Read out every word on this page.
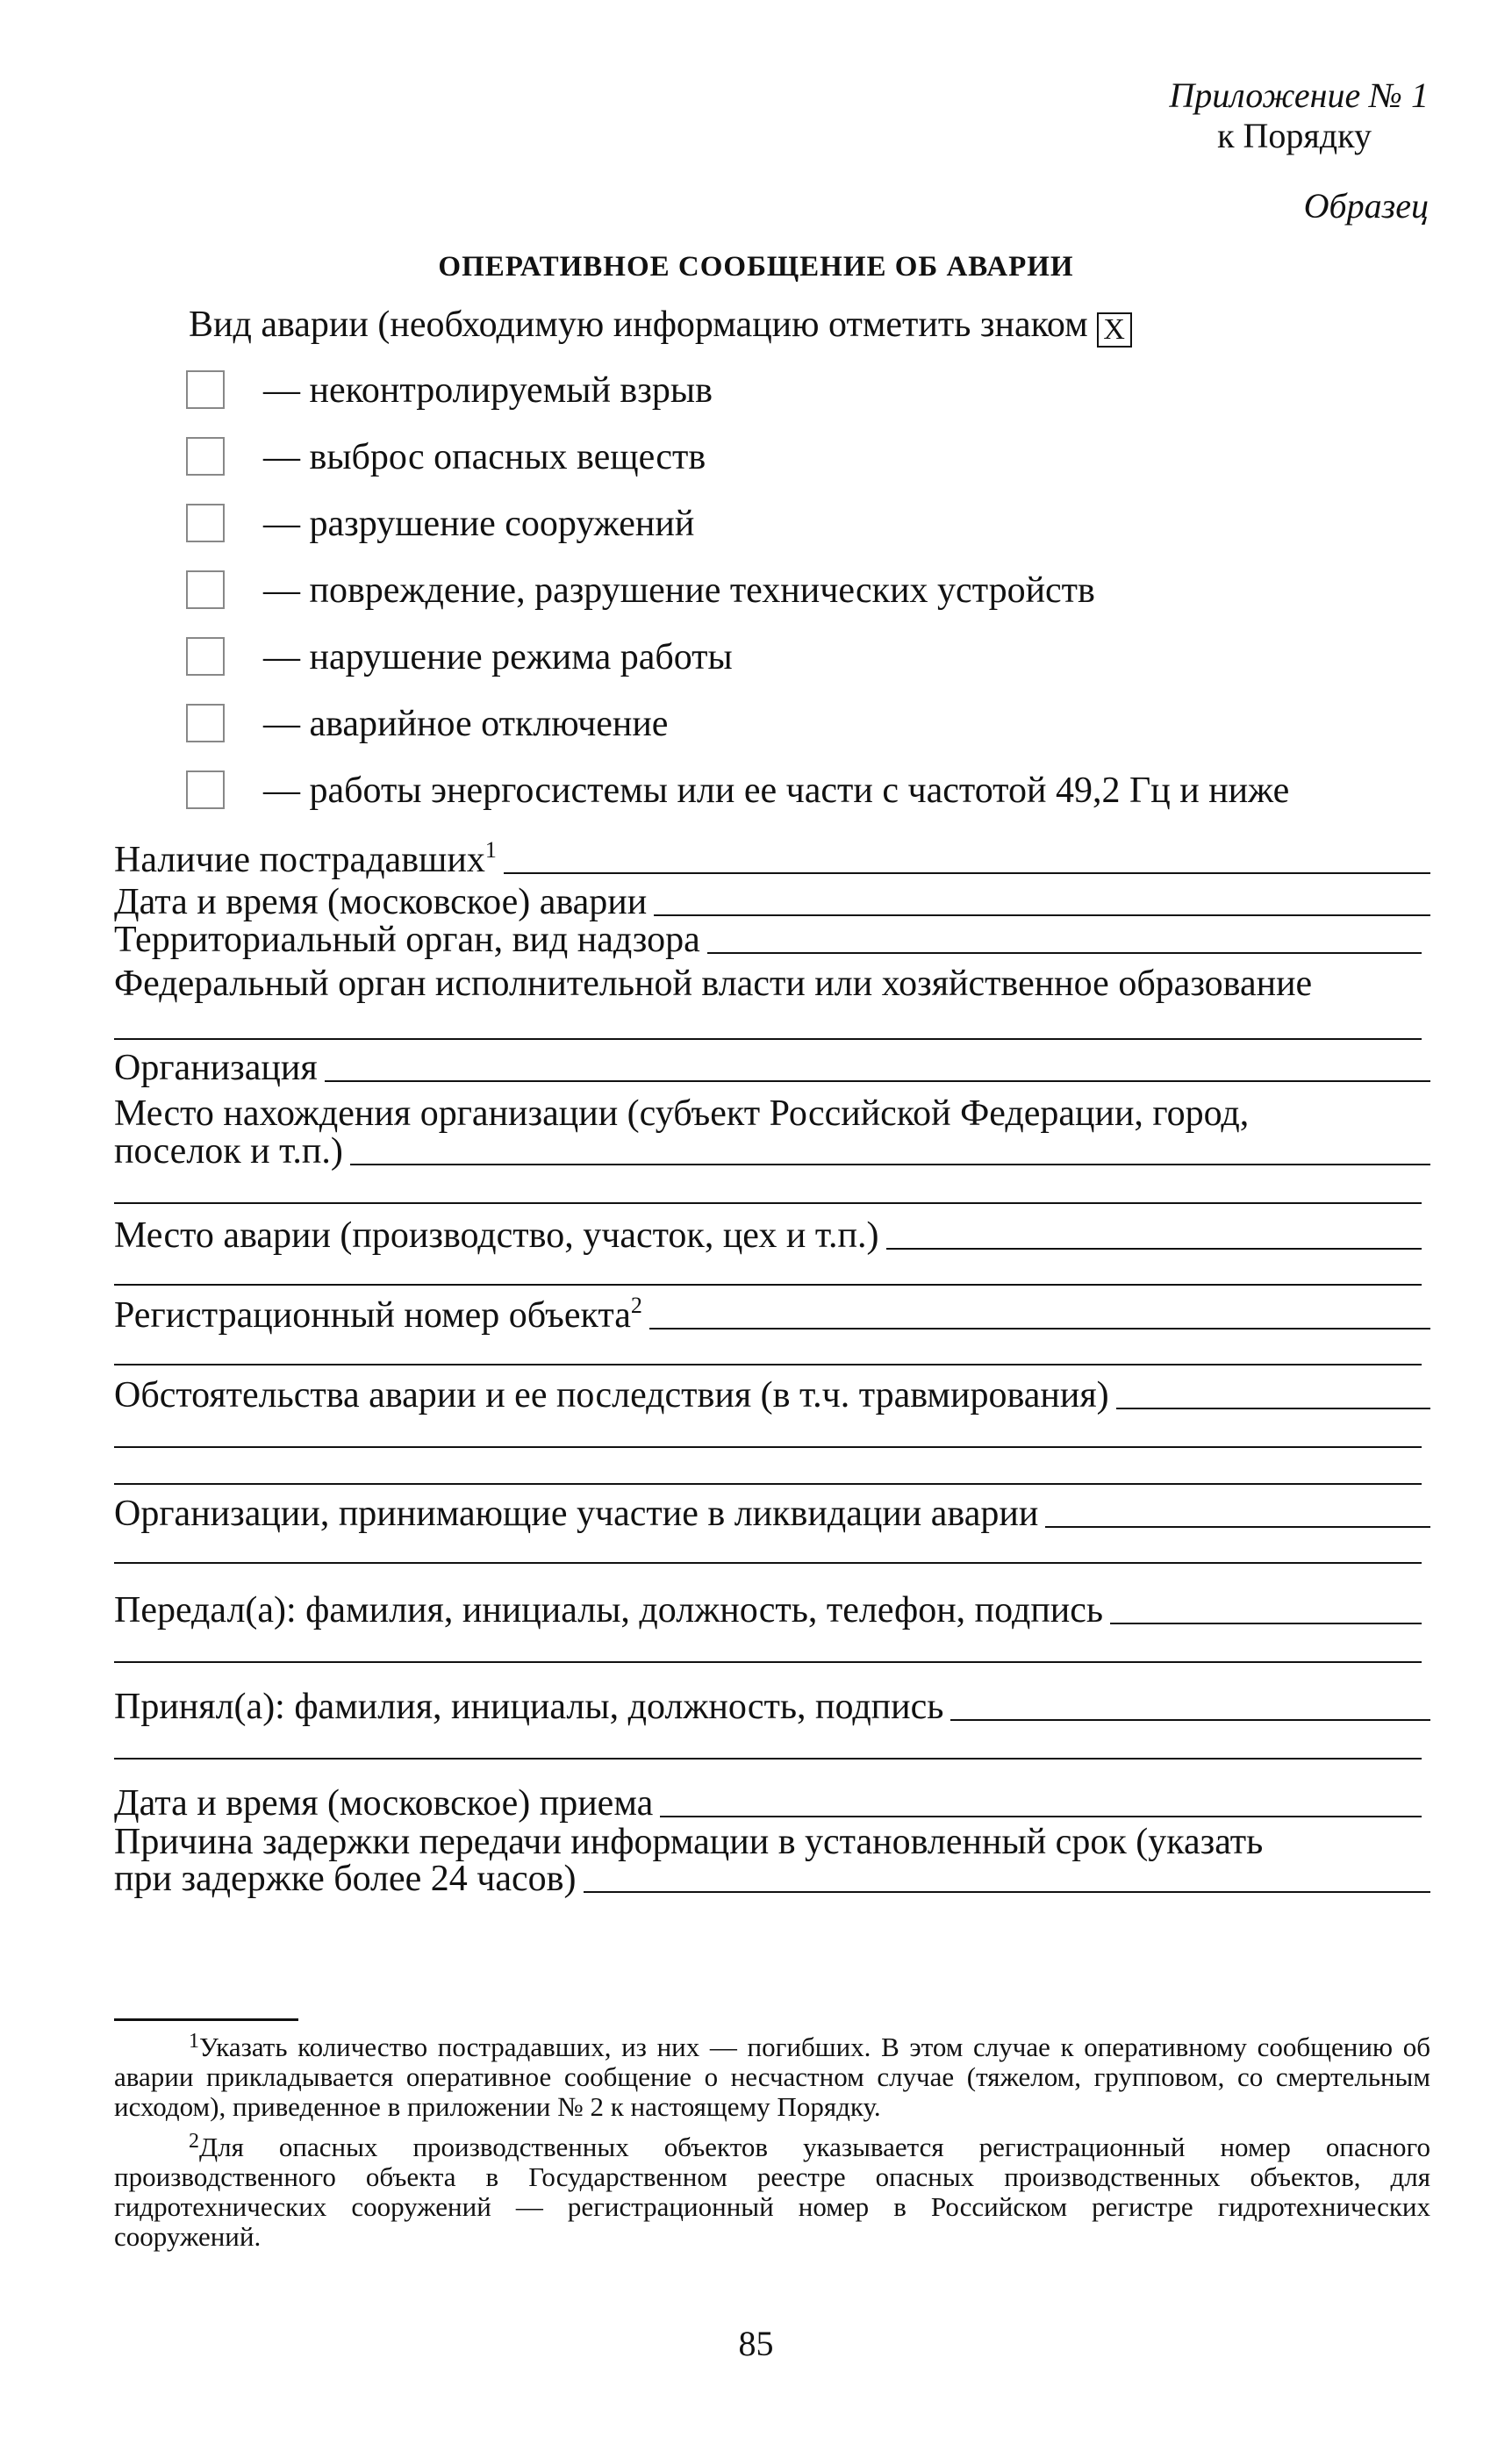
Приложение № 1
к Порядку
Образец
ОПЕРАТИВНОЕ СООБЩЕНИЕ ОБ АВАРИИ
Вид аварии (необходимую информацию отметить знаком X
— неконтролируемый взрыв
— выброс опасных веществ
— разрушение сооружений
— повреждение, разрушение технических устройств
— нарушение режима работы
— аварийное отключение
— работы энергосистемы или ее части с частотой 49,2 Гц и ниже
Наличие пострадавших$^1$
Дата и время (московское) аварии
Территориальный орган, вид надзора
Федеральный орган исполнительной власти или хозяйственное образование
Организация
Место нахождения организации (субъект Российской Федерации, город,
поселок и т.п.)
Место аварии (производство, участок, цех и т.п.)
Регистрационный номер объекта$^2$
Обстоятельства аварии и ее последствия (в т.ч. травмирования)
Организации, принимающие участие в ликвидации аварии
Передал(а): фамилия, инициалы, должность, телефон, подпись
Принял(а): фамилия, инициалы, должность, подпись
Дата и время (московское) приема
Причина задержки передачи информации в установленный срок (указать
при задержке более 24 часов)
$^1$Указать количество пострадавших, из них — погибших. В этом случае к оперативному сообщению об аварии прикладывается оперативное сообщение о несчастном случае (тяжелом, групповом, со смертельным исходом), приведенное в приложении № 2 к настоящему Порядку.
$^2$Для опасных производственных объектов указывается регистрационный номер опасного производственного объекта в Государственном реестре опасных производственных объектов, для гидротехнических сооружений — регистрационный номер в Российском регистре гидротехнических сооружений.
85
